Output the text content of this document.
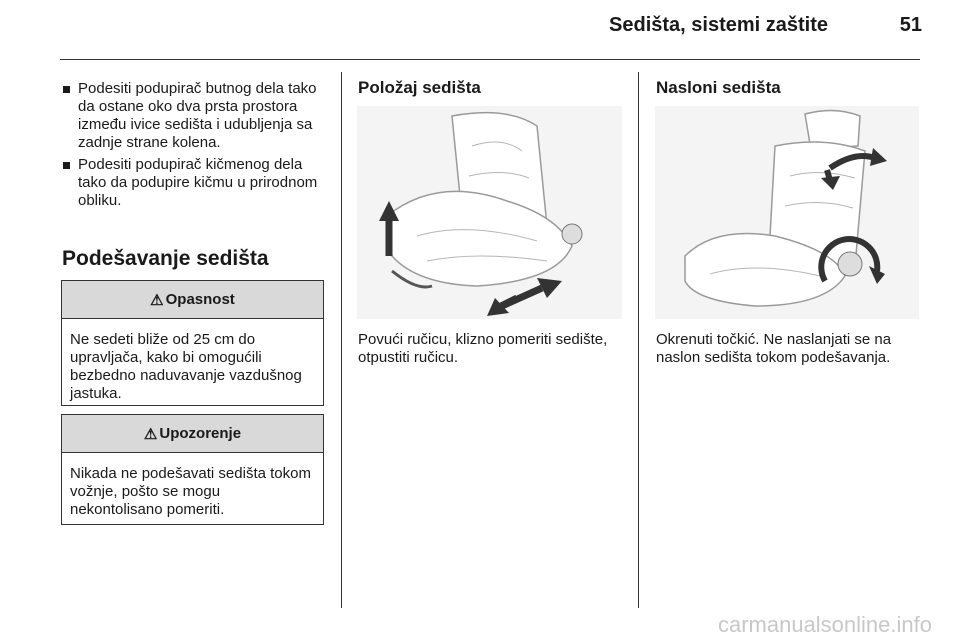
Sedišta, sistemi zaštite	51
Podesiti podupirač butnog dela tako da ostane oko dva prsta prostora između ivice sedišta i udubljenja sa zadnje strane kolena.
Podesiti podupirač kičmenog dela tako da podupire kičmu u prirodnom obliku.
Podešavanje sedišta
⚠ Opasnost
Ne sedeti bliže od 25 cm do upravljača, kako bi omogućili bezbedno naduvavanje vazdušnog jastuka.
⚠ Upozorenje
Nikada ne podešavati sedišta tokom vožnje, pošto se mogu nekontolisano pomeriti.
Položaj sedišta
Povući ručicu, klizno pomeriti sedište, otpustiti ručicu.
Nasloni sedišta
Okrenuti točkić. Ne naslanjati se na naslon sedišta tokom podešavanja.
carmanualsonline.info
